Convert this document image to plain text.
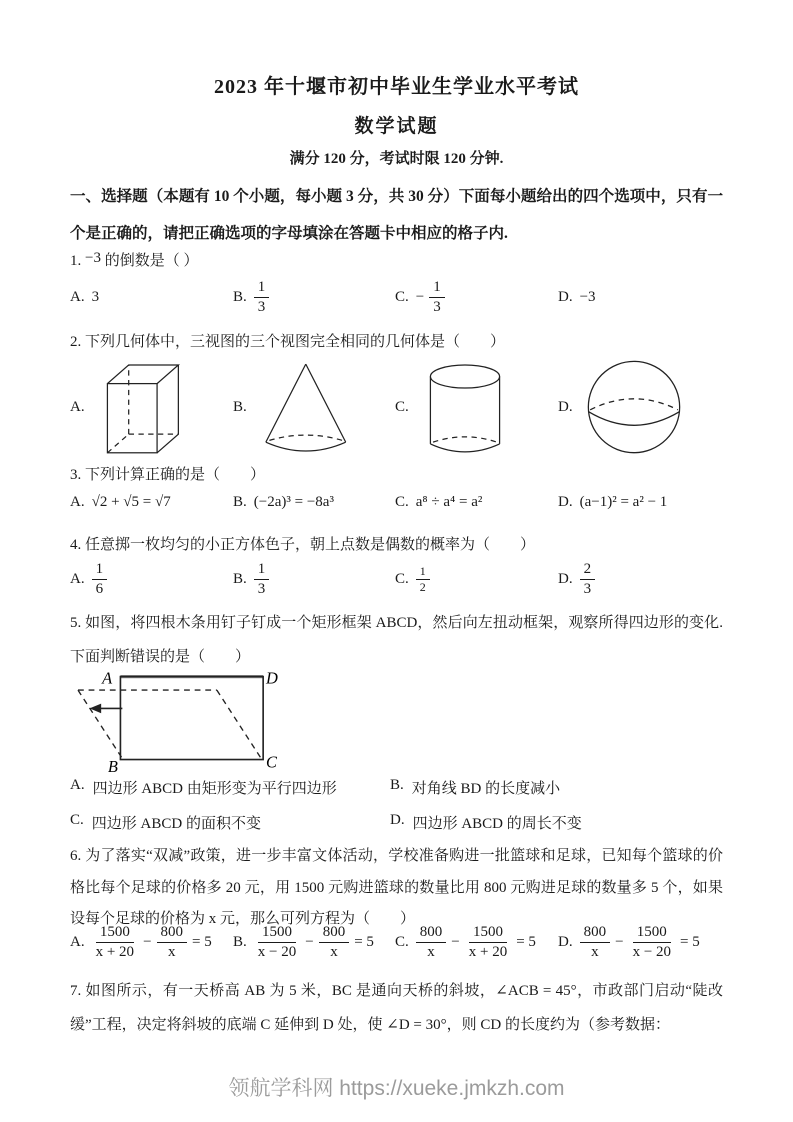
2023 年十堰市初中毕业生学业水平考试
数学试题
满分 120 分，考试时限 120 分钟.
一、选择题（本题有 10 个小题，每小题 3 分，共 30 分）下面每小题给出的四个选项中，只有一个是正确的，请把正确选项的字母填涂在答题卡中相应的格子内.
1. −3 的倒数是（ ）
A. 3	B. $\frac{1}{3}$	C. − $\frac{1}{3}$	D. −3
2. 下列几何体中，三视图的三个视图完全相同的几何体是（　　）
A.	B.	C.	D.
3. 下列计算正确的是（　　）
A. √2 + √5 = √7	B. (−2a)³ = −8a³	C. a⁸ ÷ a⁴ = a²	D. (a−1)² = a² − 1
4. 任意掷一枚均匀的小正方体色子，朝上点数是偶数的概率为（　　）
A. $\frac{1}{6}$	B. $\frac{1}{3}$	C. $\frac{1}{2}$	D. $\frac{2}{3}$
5. 如图，将四根木条用钉子钉成一个矩形框架 ABCD，然后向左扭动框架，观察所得四边形的变化. 下面判断错误的是（　　）
A	D
B	C
A. 四边形 ABCD 由矩形变为平行四边形	B. 对角线 BD 的长度减小
C. 四边形 ABCD 的面积不变	D. 四边形 ABCD 的周长不变
6. 为了落实“双减”政策，进一步丰富文体活动，学校准备购进一批篮球和足球，已知每个篮球的价格比每个足球的价格多 20 元，用 1500 元购进篮球的数量比用 800 元购进足球的数量多 5 个，如果设每个足球的价格为 x 元，那么可列方程为（　　）
A. $\frac{1500}{x + 20} - \frac{800}{x} = 5$ B. $\frac{1500}{x - 20} - \frac{800}{x} = 5$ C. $\frac{800}{x} - \frac{1500}{x + 20} = 5$ D. $\frac{800}{x} - \frac{1500}{x - 20} = 5$
7. 如图所示，有一天桥高 AB 为 5 米，BC 是通向天桥的斜坡，∠ACB = 45°，市政部门启动“陡改缓”工程，决定将斜坡的底端 C 延伸到 D 处，使 ∠D = 30°，则 CD 的长度约为（参考数据：
领航学科网 https://xueke.jmkzh.com
